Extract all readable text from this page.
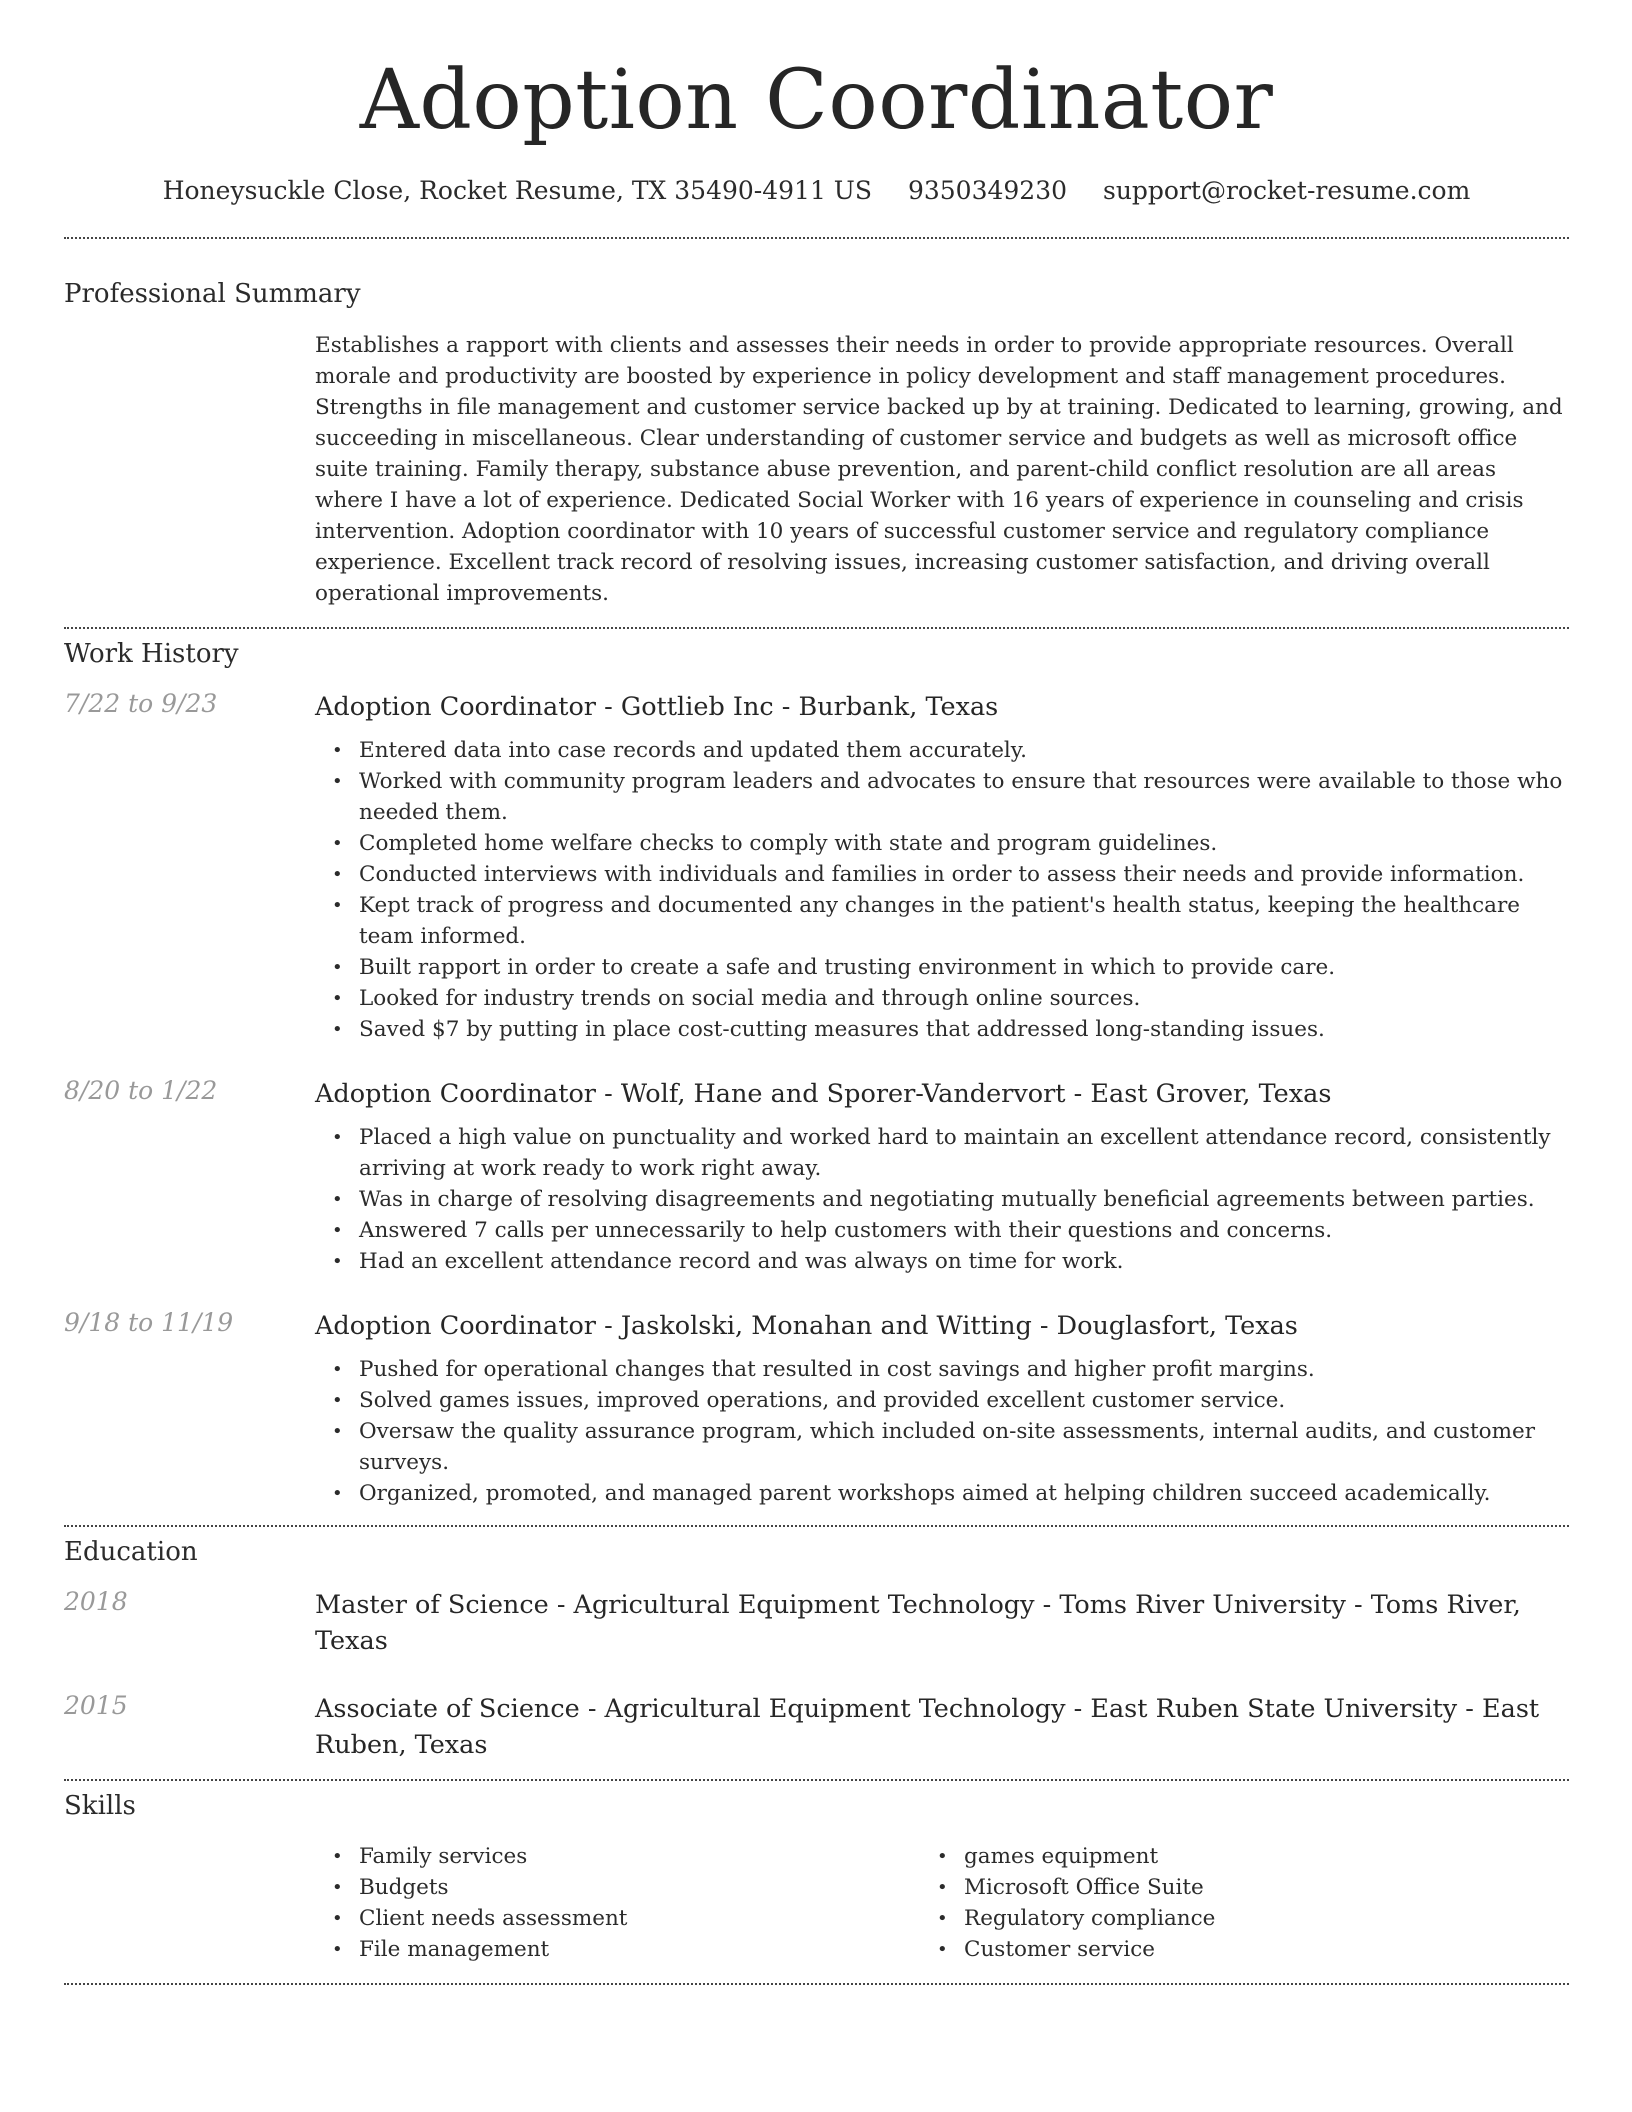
Adoption Coordinator
Honeysuckle Close, Rocket Resume, TX 35490-4911 US 9350349230 support@rocket-resume.com
Professional Summary
Establishes a rapport with clients and assesses their needs in order to provide appropriate resources. Overall morale and productivity are boosted by experience in policy development and staff management procedures. Strengths in file management and customer service backed up by at training. Dedicated to learning, growing, and succeeding in miscellaneous. Clear understanding of customer service and budgets as well as microsoft office suite training. Family therapy, substance abuse prevention, and parent-child conflict resolution are all areas where I have a lot of experience. Dedicated Social Worker with 16 years of experience in counseling and crisis intervention. Adoption coordinator with 10 years of successful customer service and regulatory compliance experience. Excellent track record of resolving issues, increasing customer satisfaction, and driving overall operational improvements.
Work History
7/22 to 9/23	Adoption Coordinator - Gottlieb Inc - Burbank, Texas
• Entered data into case records and updated them accurately.
• Worked with community program leaders and advocates to ensure that resources were available to those who needed them.
• Completed home welfare checks to comply with state and program guidelines.
• Conducted interviews with individuals and families in order to assess their needs and provide information.
• Kept track of progress and documented any changes in the patient's health status, keeping the healthcare team informed.
• Built rapport in order to create a safe and trusting environment in which to provide care.
• Looked for industry trends on social media and through online sources.
• Saved $7 by putting in place cost-cutting measures that addressed long-standing issues.
8/20 to 1/22	Adoption Coordinator - Wolf, Hane and Sporer-Vandervort - East Grover, Texas
• Placed a high value on punctuality and worked hard to maintain an excellent attendance record, consistently arriving at work ready to work right away.
• Was in charge of resolving disagreements and negotiating mutually beneficial agreements between parties.
• Answered 7 calls per unnecessarily to help customers with their questions and concerns.
• Had an excellent attendance record and was always on time for work.
9/18 to 11/19	Adoption Coordinator - Jaskolski, Monahan and Witting - Douglasfort, Texas
• Pushed for operational changes that resulted in cost savings and higher profit margins.
• Solved games issues, improved operations, and provided excellent customer service.
• Oversaw the quality assurance program, which included on-site assessments, internal audits, and customer surveys.
• Organized, promoted, and managed parent workshops aimed at helping children succeed academically.
Education
2018	Master of Science - Agricultural Equipment Technology - Toms River University - Toms River, Texas
2015	Associate of Science - Agricultural Equipment Technology - East Ruben State University - East Ruben, Texas
Skills
• Family services
• Budgets
• Client needs assessment
• File management
• games equipment
• Microsoft Office Suite
• Regulatory compliance
• Customer service
